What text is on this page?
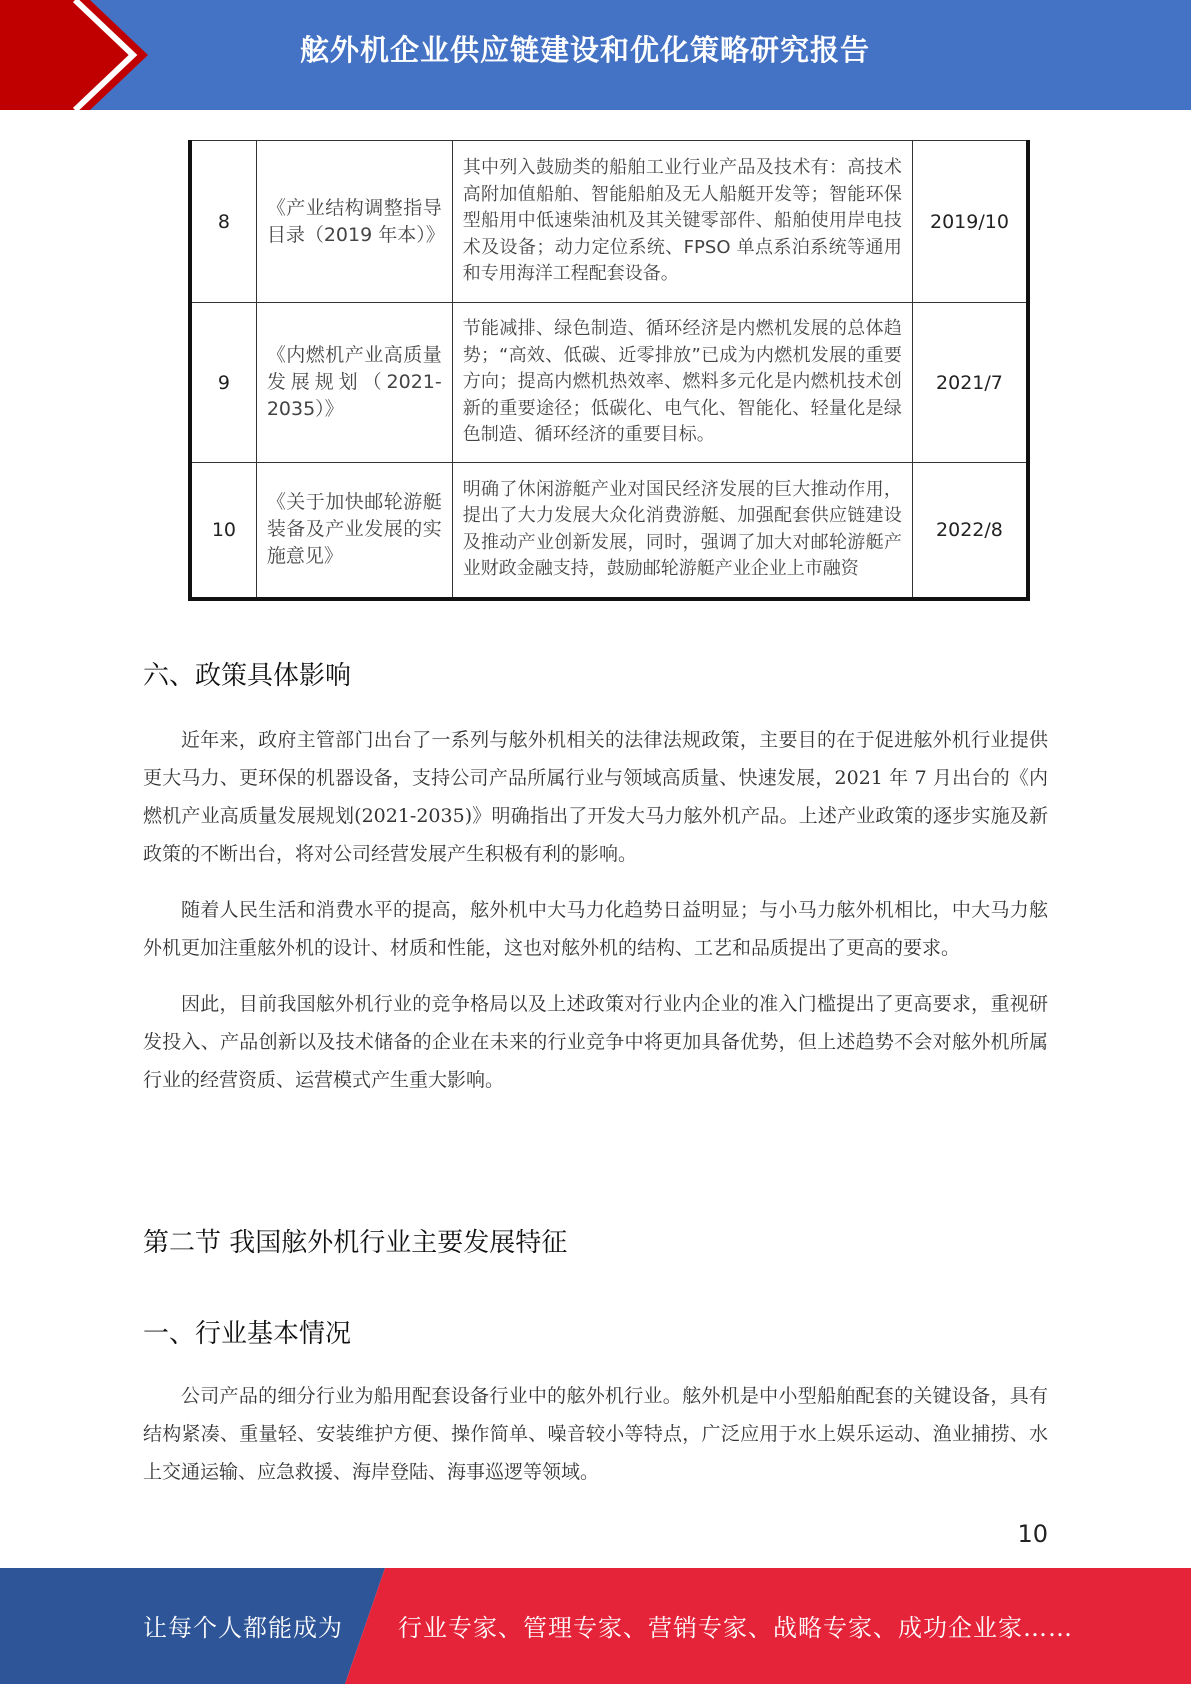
舷外机企业供应链建设和优化策略研究报告
8	《产业结构调整指导目录（2019 年本）》	其中列入鼓励类的船舶工业行业产品及技术有：高技术高附加值船舶、智能船舶及无人船艇开发等；智能环保型船用中低速柴油机及其关键零部件、船舶使用岸电技术及设备；动力定位系统、FPSO 单点系泊系统等通用和专用海洋工程配套设备。	2019/10
9	《内燃机产业高质量发展规划（2021-2035）》	节能减排、绿色制造、循环经济是内燃机发展的总体趋势；“高效、低碳、近零排放”已成为内燃机发展的重要方向；提高内燃机热效率、燃料多元化是内燃机技术创新的重要途径；低碳化、电气化、智能化、轻量化是绿色制造、循环经济的重要目标。	2021/7
10	《关于加快邮轮游艇装备及产业发展的实施意见》	明确了休闲游艇产业对国民经济发展的巨大推动作用，提出了大力发展大众化消费游艇、加强配套供应链建设及推动产业创新发展，同时，强调了加大对邮轮游艇产业财政金融支持，鼓励邮轮游艇产业企业上市融资	2022/8
六、政策具体影响

近年来，政府主管部门出台了一系列与舷外机相关的法律法规政策，主要目的在于促进舷外机行业提供更大马力、更环保的机器设备，支持公司产品所属行业与领域高质量、快速发展，2021 年 7 月出台的《内燃机产业高质量发展规划(2021-2035)》明确指出了开发大马力舷外机产品。上述产业政策的逐步实施及新政策的不断出台，将对公司经营发展产生积极有利的影响。

随着人民生活和消费水平的提高，舷外机中大马力化趋势日益明显；与小马力舷外机相比，中大马力舷外机更加注重舷外机的设计、材质和性能，这也对舷外机的结构、工艺和品质提出了更高的要求。

因此，目前我国舷外机行业的竞争格局以及上述政策对行业内企业的准入门槛提出了更高要求，重视研发投入、产品创新以及技术储备的企业在未来的行业竞争中将更加具备优势，但上述趋势不会对舷外机所属行业的经营资质、运营模式产生重大影响。

第二节 我国舷外机行业主要发展特征
一、行业基本情况

公司产品的细分行业为船用配套设备行业中的舷外机行业。舷外机是中小型船舶配套的关键设备，具有结构紧凑、重量轻、安装维护方便、操作简单、噪音较小等特点，广泛应用于水上娱乐运动、渔业捕捞、水上交通运输、应急救援、海岸登陆、海事巡逻等领域。

10
让每个人都能成为 行业专家、管理专家、营销专家、战略专家、成功企业家……
